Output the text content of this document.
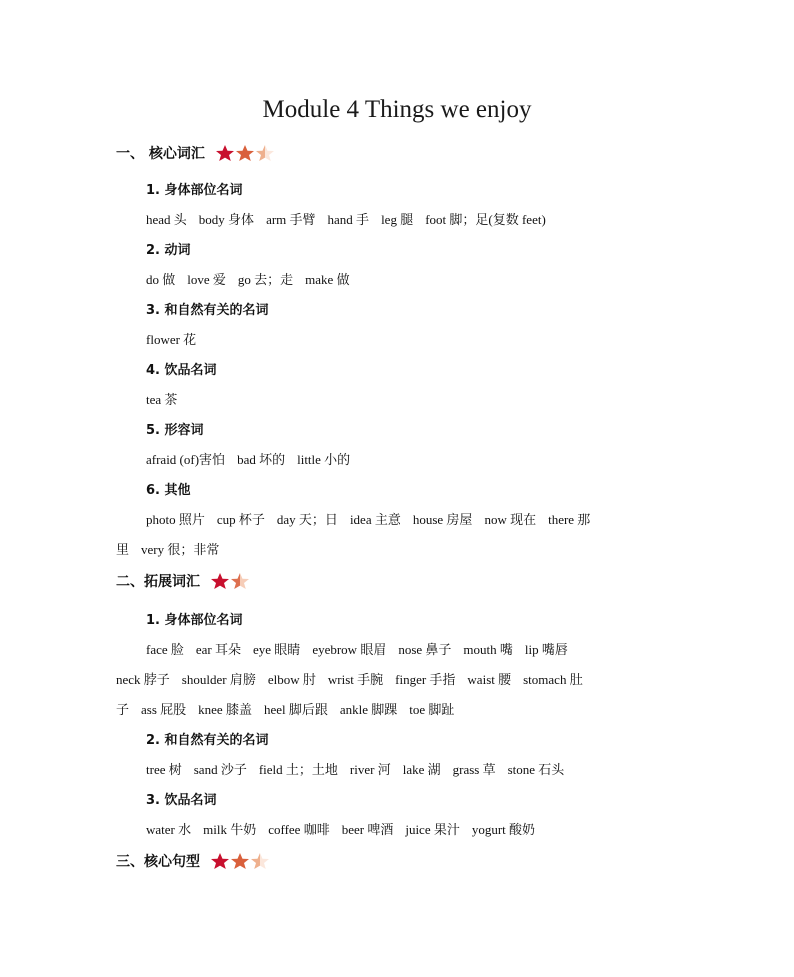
Module 4 Things we enjoy
一、 核心词汇
1. 身体部位名词
head 头 body 身体 arm 手臂 hand 手 leg 腿 foot 脚；足(复数 feet)
2. 动词
do 做 love 爱 go 去；走 make 做
3. 和自然有关的名词
flower 花
4. 饮品名词
tea 茶
5. 形容词
afraid (of)害怕 bad 坏的 little 小的
6. 其他
photo 照片 cup 杯子 day 天；日 idea 主意 house 房屋 now 现在 there 那
里 very 很；非常
二、拓展词汇
1. 身体部位名词
face 脸 ear 耳朵 eye 眼睛 eyebrow 眼眉 nose 鼻子 mouth 嘴 lip 嘴唇
neck 脖子 shoulder 肩膀 elbow 肘 wrist 手腕 finger 手指 waist 腰 stomach 肚
子 ass 屁股 knee 膝盖 heel 脚后跟 ankle 脚踝 toe 脚趾
2. 和自然有关的名词
tree 树 sand 沙子 field 土；土地 river 河 lake 湖 grass 草 stone 石头
3. 饮品名词
water 水 milk 牛奶 coffee 咖啡 beer 啤酒 juice 果汁 yogurt 酸奶
三、核心句型
